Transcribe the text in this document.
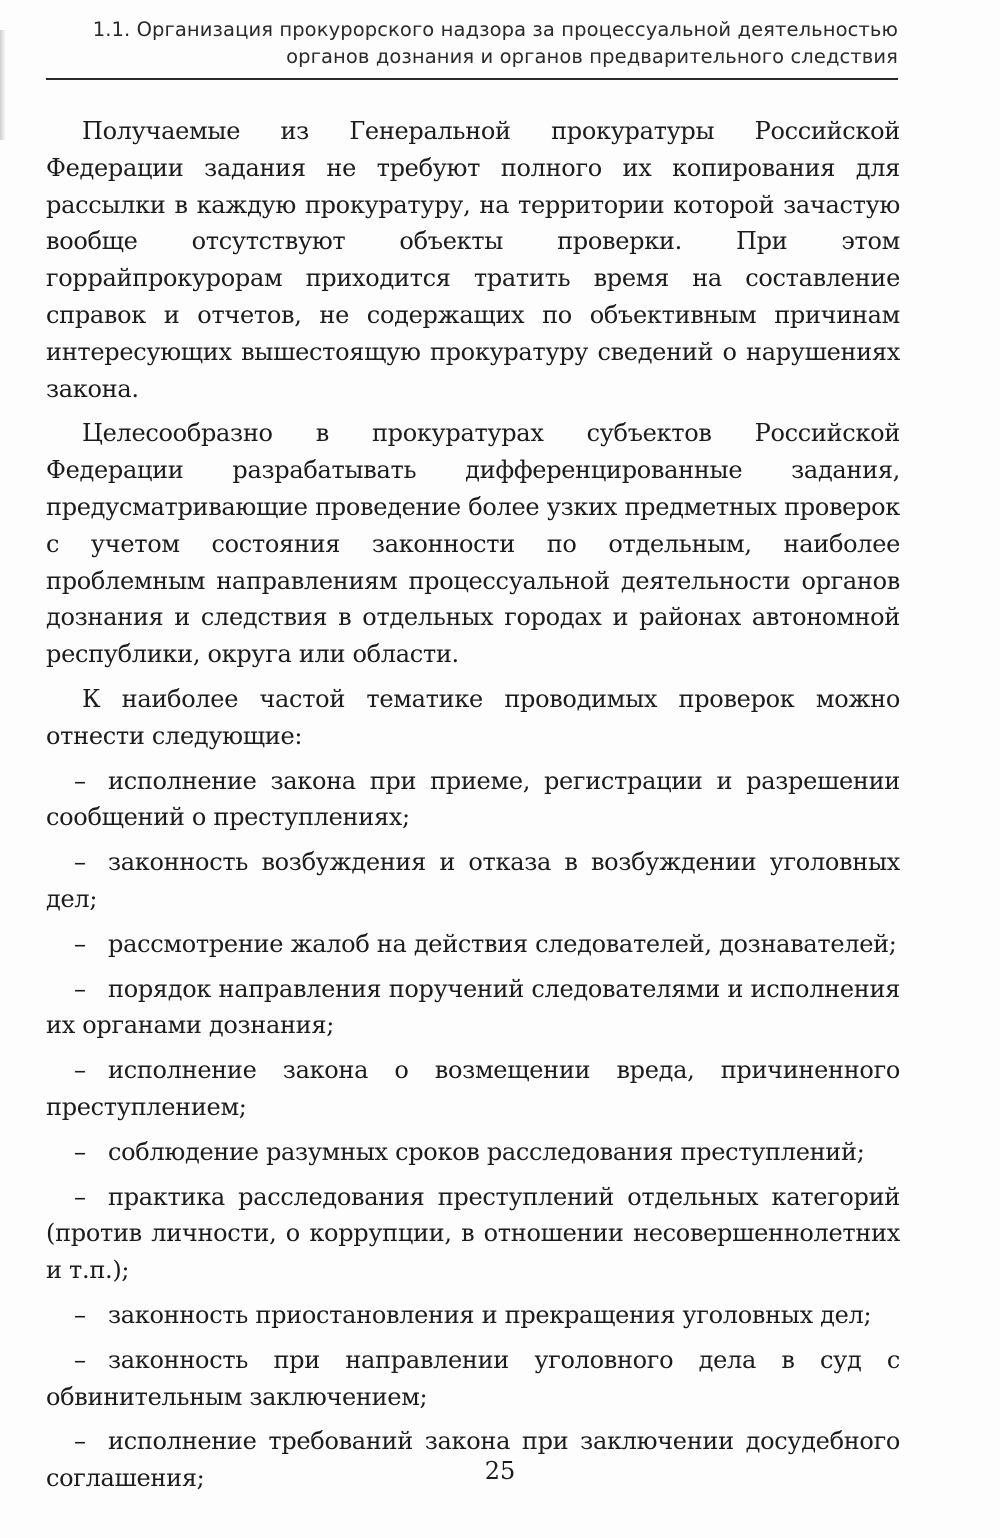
1.1. Организация прокурорского надзора за процессуальной деятельностью
органов дознания и органов предварительного следствия

Получаемые из Генеральной прокуратуры Российской Федерации задания не требуют полного их копирования для рассылки в каждую прокуратуру, на территории которой зачастую вообще отсутствуют объекты проверки. При этом горрайпрокурорам приходится тратить время на составление справок и отчетов, не содержащих по объективным причинам интересующих вышестоящую прокуратуру сведений о нарушениях закона.

Целесообразно в прокуратурах субъектов Российской Федерации разрабатывать дифференцированные задания, предусматривающие проведение более узких предметных проверок с учетом состояния законности по отдельным, наиболее проблемным направлениям процессуальной деятельности органов дознания и следствия в отдельных городах и районах автономной республики, округа или области.

К наиболее частой тематике проводимых проверок можно отнести следующие:

– исполнение закона при приеме, регистрации и разрешении сообщений о преступлениях;
– законность возбуждения и отказа в возбуждении уголовных дел;
– рассмотрение жалоб на действия следователей, дознавателей;
– порядок направления поручений следователями и исполнения их органами дознания;
– исполнение закона о возмещении вреда, причиненного преступлением;
– соблюдение разумных сроков расследования преступлений;
– практика расследования преступлений отдельных категорий (против личности, о коррупции, в отношении несовершеннолетних и т.п.);
– законность приостановления и прекращения уголовных дел;
– законность при направлении уголовного дела в суд с обвинительным заключением;
– исполнение требований закона при заключении досудебного соглашения;	25
